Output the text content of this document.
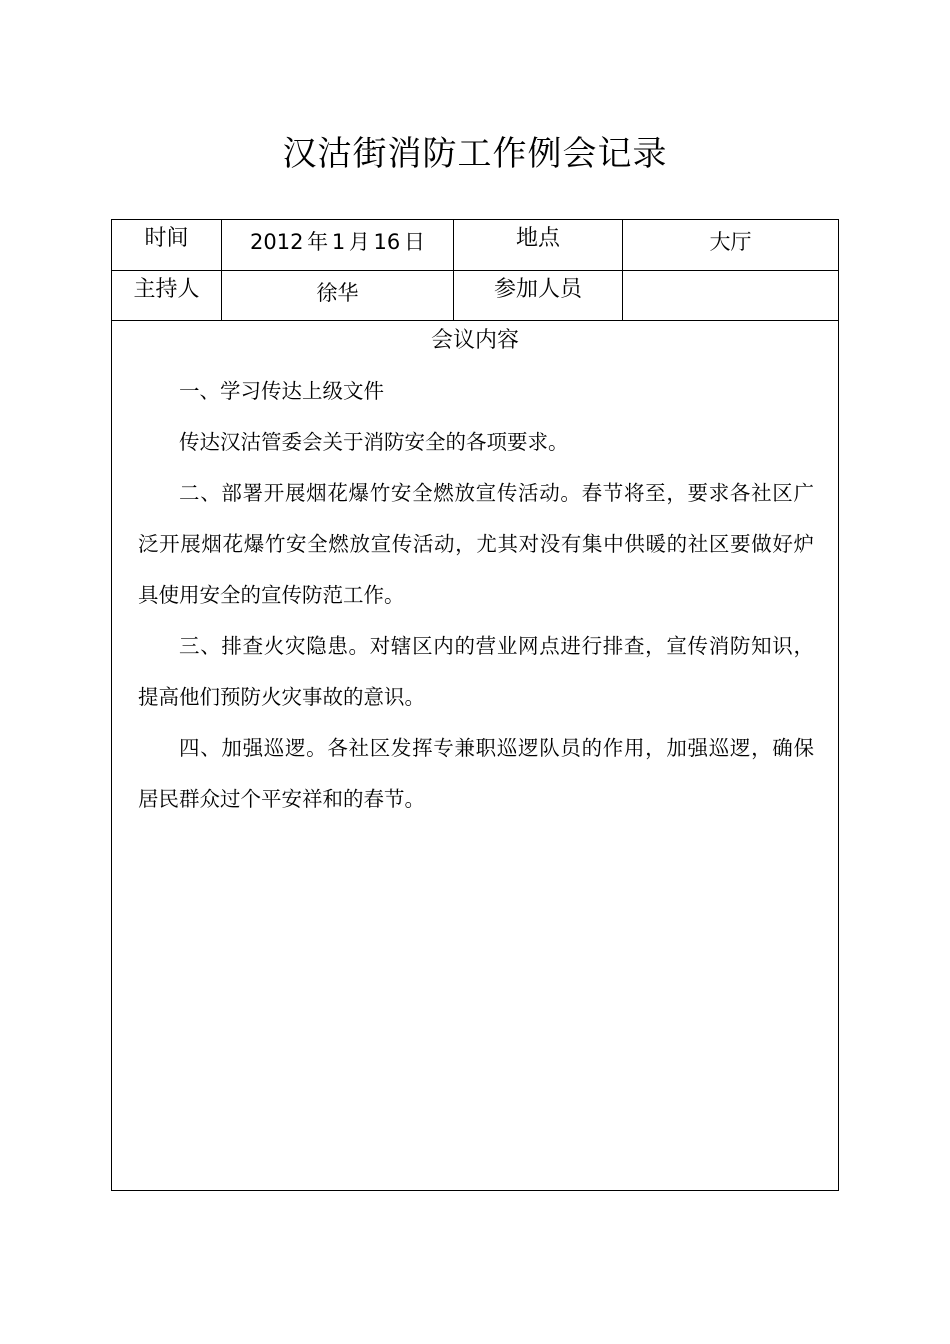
汉沽街消防工作例会记录
时间	2012 年 1 月 16 日	地点	大厅
主持人	徐华	参加人员
会议内容

一、学习传达上级文件

传达汉沽管委会关于消防安全的各项要求。

二、部署开展烟花爆竹安全燃放宣传活动。春节将至，要求各社区广泛开展烟花爆竹安全燃放宣传活动，尤其对没有集中供暖的社区要做好炉具使用安全的宣传防范工作。

三、排查火灾隐患。对辖区内的营业网点进行排查，宣传消防知识，提高他们预防火灾事故的意识。

四、加强巡逻。各社区发挥专兼职巡逻队员的作用，加强巡逻，确保居民群众过个平安祥和的春节。
